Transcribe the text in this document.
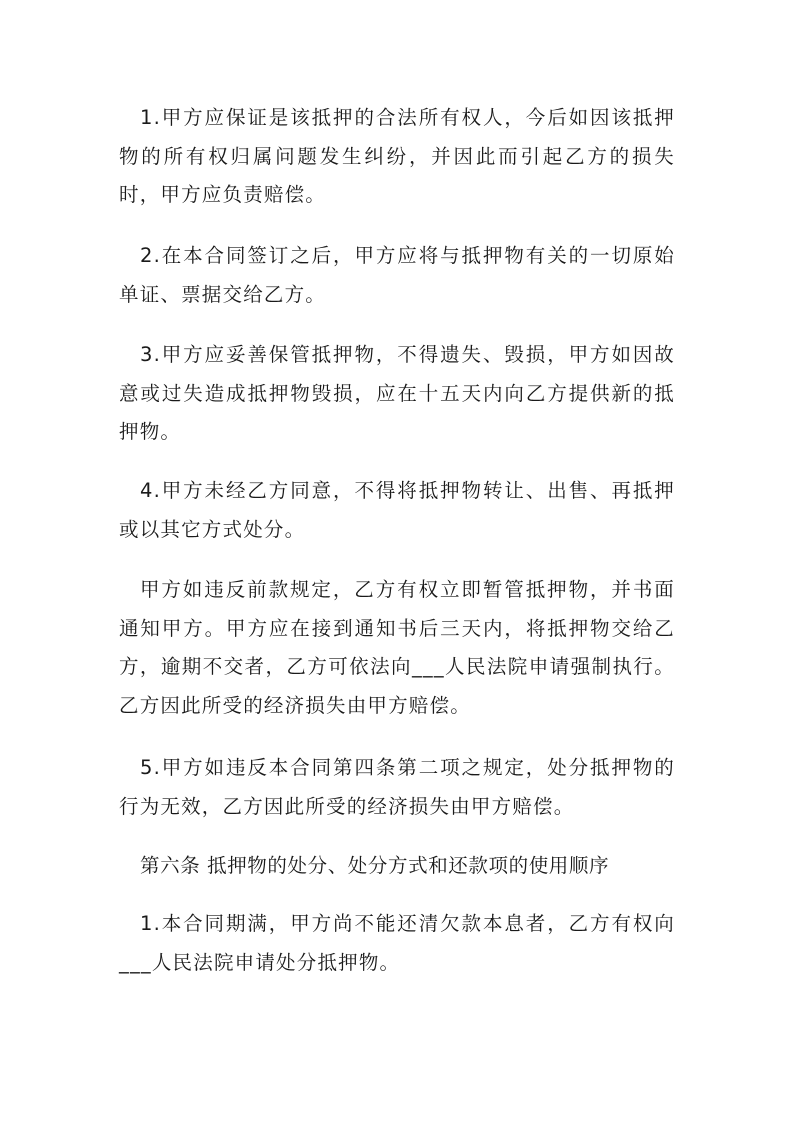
1.甲方应保证是该抵押的合法所有权人，今后如因该抵押物的所有权归属问题发生纠纷，并因此而引起乙方的损失时，甲方应负责赔偿。

2.在本合同签订之后，甲方应将与抵押物有关的一切原始单证、票据交给乙方。

3.甲方应妥善保管抵押物，不得遗失、毁损，甲方如因故意或过失造成抵押物毁损，应在十五天内向乙方提供新的抵押物。

4.甲方未经乙方同意，不得将抵押物转让、出售、再抵押或以其它方式处分。

甲方如违反前款规定，乙方有权立即暂管抵押物，并书面通知甲方。甲方应在接到通知书后三天内，将抵押物交给乙方，逾期不交者，乙方可依法向___人民法院申请强制执行。乙方因此所受的经济损失由甲方赔偿。

5.甲方如违反本合同第四条第二项之规定，处分抵押物的行为无效，乙方因此所受的经济损失由甲方赔偿。

第六条 抵押物的处分、处分方式和还款项的使用顺序

1.本合同期满，甲方尚不能还清欠款本息者，乙方有权向___人民法院申请处分抵押物。
